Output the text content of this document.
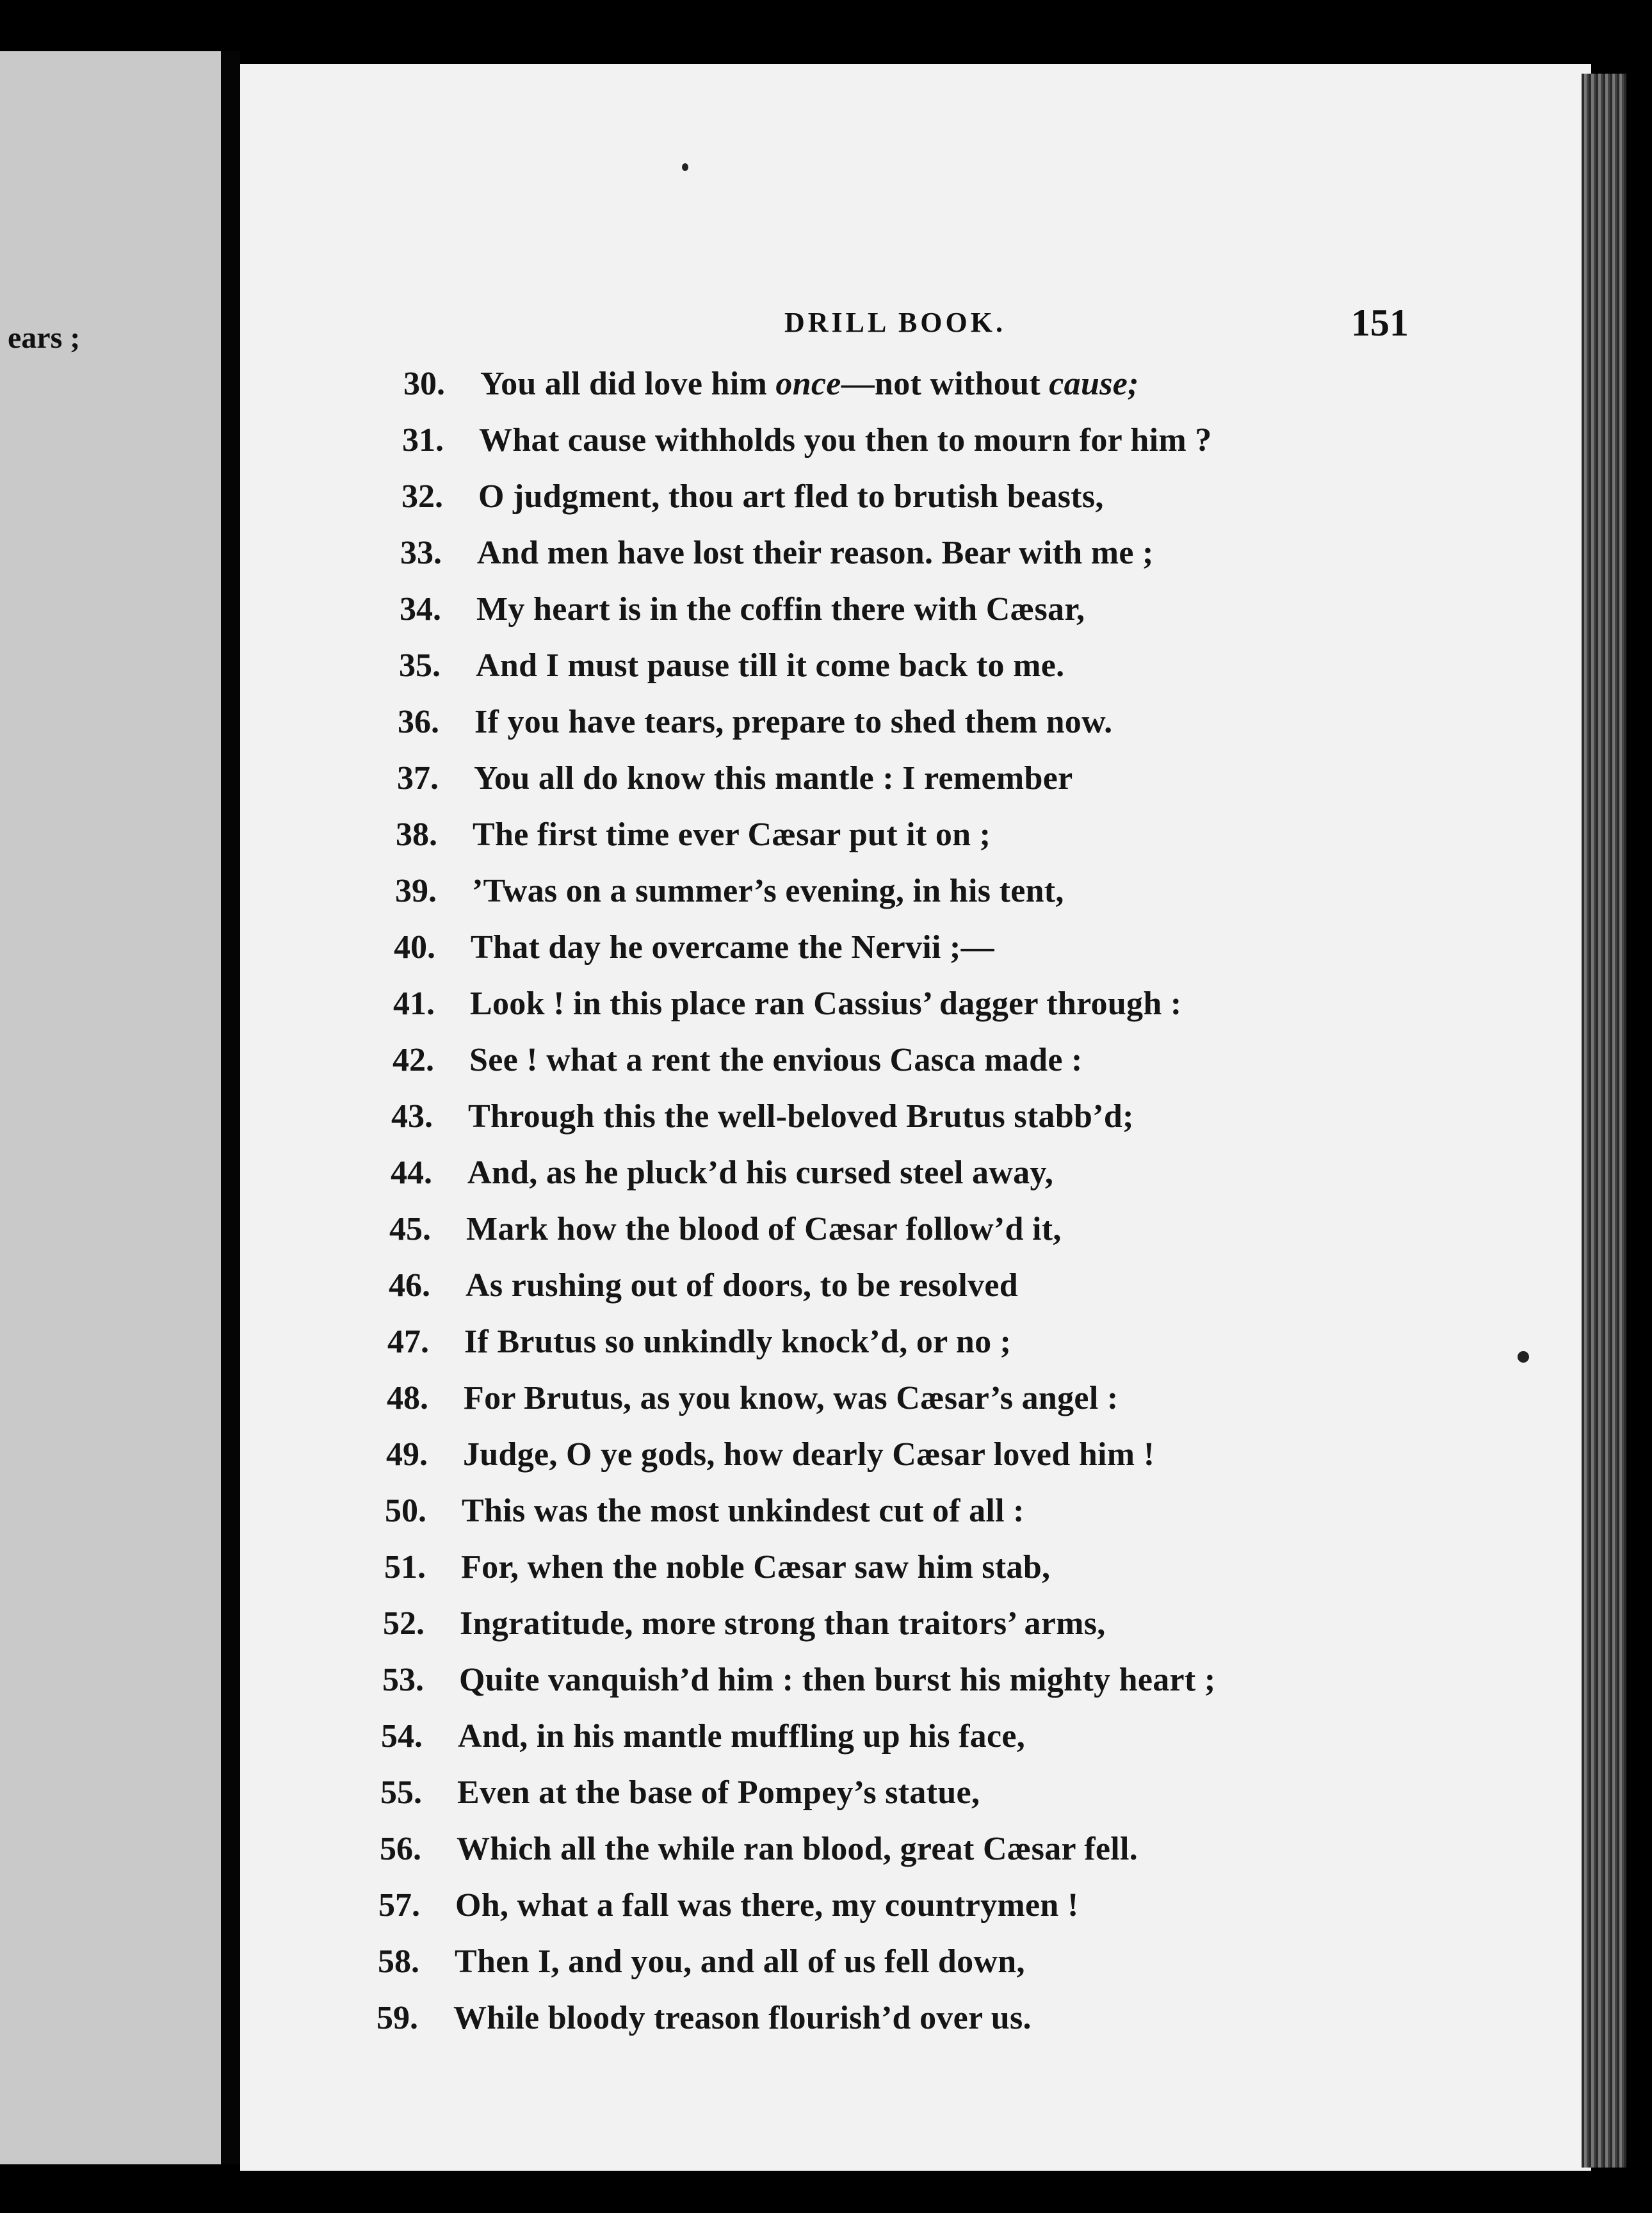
ears ;	DRILL BOOK.	151
30. You all did love him once—not without cause;
31. What cause withholds you then to mourn for him ?
32. O judgment, thou art fled to brutish beasts,
33. And men have lost their reason. Bear with me ;
34. My heart is in the coffin there with Cæsar,
35. And I must pause till it come back to me.
36. If you have tears, prepare to shed them now.
37. You all do know this mantle : I remember
38. The first time ever Cæsar put it on ;
39. ’Twas on a summer’s evening, in his tent,
40. That day he overcame the Nervii ;—
41. Look ! in this place ran Cassius’ dagger through :
42. See ! what a rent the envious Casca made :
43. Through this the well-beloved Brutus stabb’d;
44. And, as he pluck’d his cursed steel away,
45. Mark how the blood of Cæsar follow’d it,
46. As rushing out of doors, to be resolved
47. If Brutus so unkindly knock’d, or no ;
48. For Brutus, as you know, was Cæsar’s angel :
49. Judge, O ye gods, how dearly Cæsar loved him !
50. This was the most unkindest cut of all :
51. For, when the noble Cæsar saw him stab,
52. Ingratitude, more strong than traitors’ arms,
53. Quite vanquish’d him : then burst his mighty heart ;
54. And, in his mantle muffling up his face,
55. Even at the base of Pompey’s statue,
56. Which all the while ran blood, great Cæsar fell.
57. Oh, what a fall was there, my countrymen !
58. Then I, and you, and all of us fell down,
59. While bloody treason flourish’d over us.
